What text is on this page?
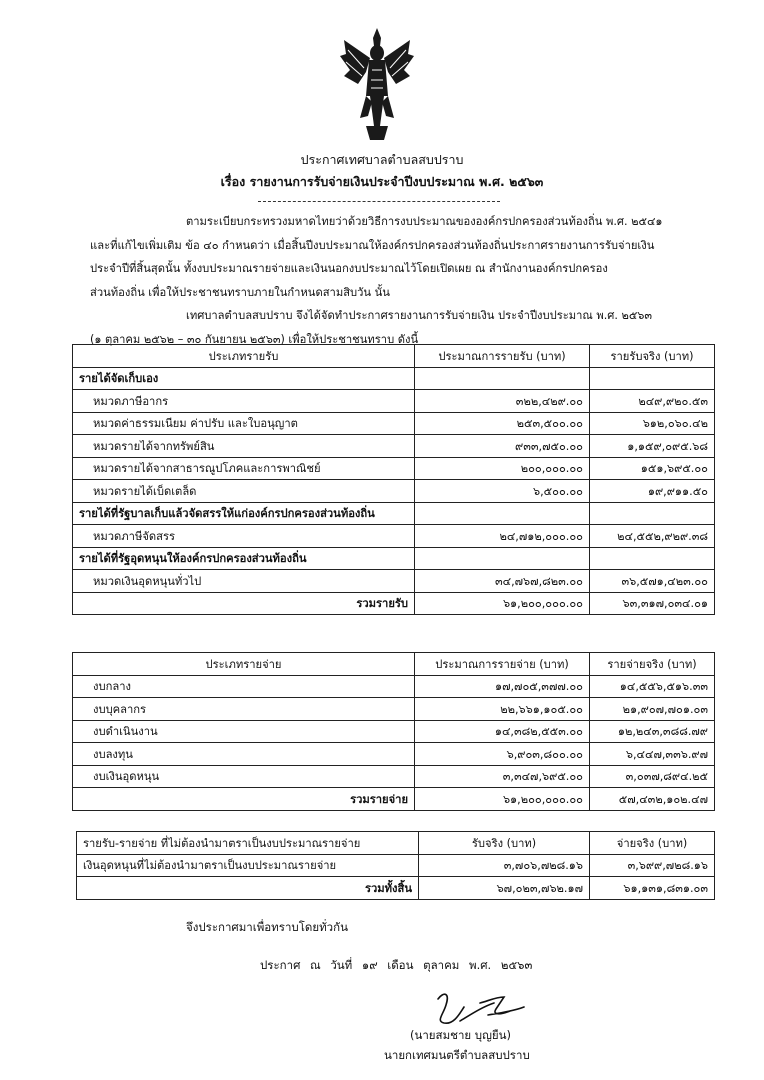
ประกาศเทศบาลตำบลสบปราบ
เรื่อง รายงานการรับจ่ายเงินประจำปีงบประมาณ พ.ศ. ๒๕๖๓
ตามระเบียบกระทรวงมหาดไทยว่าด้วยวิธีการงบประมาณขององค์กรปกครองส่วนท้องถิ่น พ.ศ. ๒๕๔๑
และที่แก้ไขเพิ่มเติม ข้อ ๔๐ กำหนดว่า เมื่อสิ้นปีงบประมาณให้องค์กรปกครองส่วนท้องถิ่นประกาศรายงานการรับจ่ายเงิน
ประจำปีที่สิ้นสุดนั้น ทั้งงบประมาณรายจ่ายและเงินนอกงบประมาณไว้โดยเปิดเผย ณ สำนักงานองค์กรปกครอง
ส่วนท้องถิ่น เพื่อให้ประชาชนทราบภายในกำหนดสามสิบวัน นั้น
เทศบาลตำบลสบปราบ จึงได้จัดทำประกาศรายงานการรับจ่ายเงิน ประจำปีงบประมาณ พ.ศ. ๒๕๖๓
(๑ ตุลาคม ๒๕๖๒ – ๓๐ กันยายน ๒๕๖๓) เพื่อให้ประชาชนทราบ ดังนี้
ประเภทรายรับ	ประมาณการรายรับ (บาท)	รายรับจริง (บาท)
รายได้จัดเก็บเอง		
หมวดภาษีอากร	๓๒๒,๔๒๙.๐๐	๒๔๙,๙๒๐.๕๓
หมวดค่าธรรมเนียม ค่าปรับ และใบอนุญาต	๒๕๓,๕๐๐.๐๐	๖๑๒,๐๖๐.๔๒
หมวดรายได้จากทรัพย์สิน	๙๓๓,๗๕๐.๐๐	๑,๑๕๙,๐๙๕.๖๘
หมวดรายได้จากสาธารณูปโภคและการพาณิชย์	๒๐๐,๐๐๐.๐๐	๑๕๑,๖๙๕.๐๐
หมวดรายได้เบ็ดเตล็ด	๖,๕๐๐.๐๐	๑๙,๙๑๑.๕๐
รายได้ที่รัฐบาลเก็บแล้วจัดสรรให้แก่องค์กรปกครองส่วนท้องถิ่น		
หมวดภาษีจัดสรร	๒๔,๗๑๒,๐๐๐.๐๐	๒๔,๕๕๒,๙๒๙.๓๘
รายได้ที่รัฐอุดหนุนให้องค์กรปกครองส่วนท้องถิ่น		
หมวดเงินอุดหนุนทั่วไป	๓๔,๗๖๗,๘๒๓.๐๐	๓๖,๕๗๑,๔๒๓.๐๐
รวมรายรับ	๖๑,๒๐๐,๐๐๐.๐๐	๖๓,๓๑๗,๐๓๔.๐๑
ประเภทรายจ่าย	ประมาณการรายจ่าย (บาท)	รายจ่ายจริง (บาท)
งบกลาง	๑๗,๗๐๕,๓๗๗.๐๐	๑๔,๕๕๖,๕๑๖.๓๓
งบบุคลากร	๒๒,๖๖๑,๑๐๕.๐๐	๒๑,๙๐๗,๗๐๑.๐๓
งบดำเนินงาน	๑๔,๓๘๒,๕๕๓.๐๐	๑๒,๒๔๓,๓๘๘.๗๙
งบลงทุน	๖,๙๐๓,๘๐๐.๐๐	๖,๔๔๗,๓๓๖.๙๗
งบเงินอุดหนุน	๓,๓๔๗,๖๙๕.๐๐	๓,๐๓๗,๘๙๔.๒๕
รวมรายจ่าย	๖๑,๒๐๐,๐๐๐.๐๐	๕๗,๔๓๒,๑๐๒.๔๗
รายรับ-รายจ่าย ที่ไม่ต้องนำมาตราเป็นงบประมาณรายจ่าย	รับจริง (บาท)	จ่ายจริง (บาท)
เงินอุดหนุนที่ไม่ต้องนำมาตราเป็นงบประมาณรายจ่าย	๓,๗๐๖,๗๒๘.๑๖	๓,๖๙๙,๗๒๘.๑๖
รวมทั้งสิ้น	๖๗,๐๒๓,๗๖๒.๑๗	๖๑,๑๓๑,๘๓๑.๐๓
จึงประกาศมาเพื่อทราบโดยทั่วกัน
ประกาศ ณ วันที่ ๑๙ เดือน ตุลาคม พ.ศ. ๒๕๖๓
(นายสมชาย บุญยืน)
นายกเทศมนตรีตำบลสบปราบ
